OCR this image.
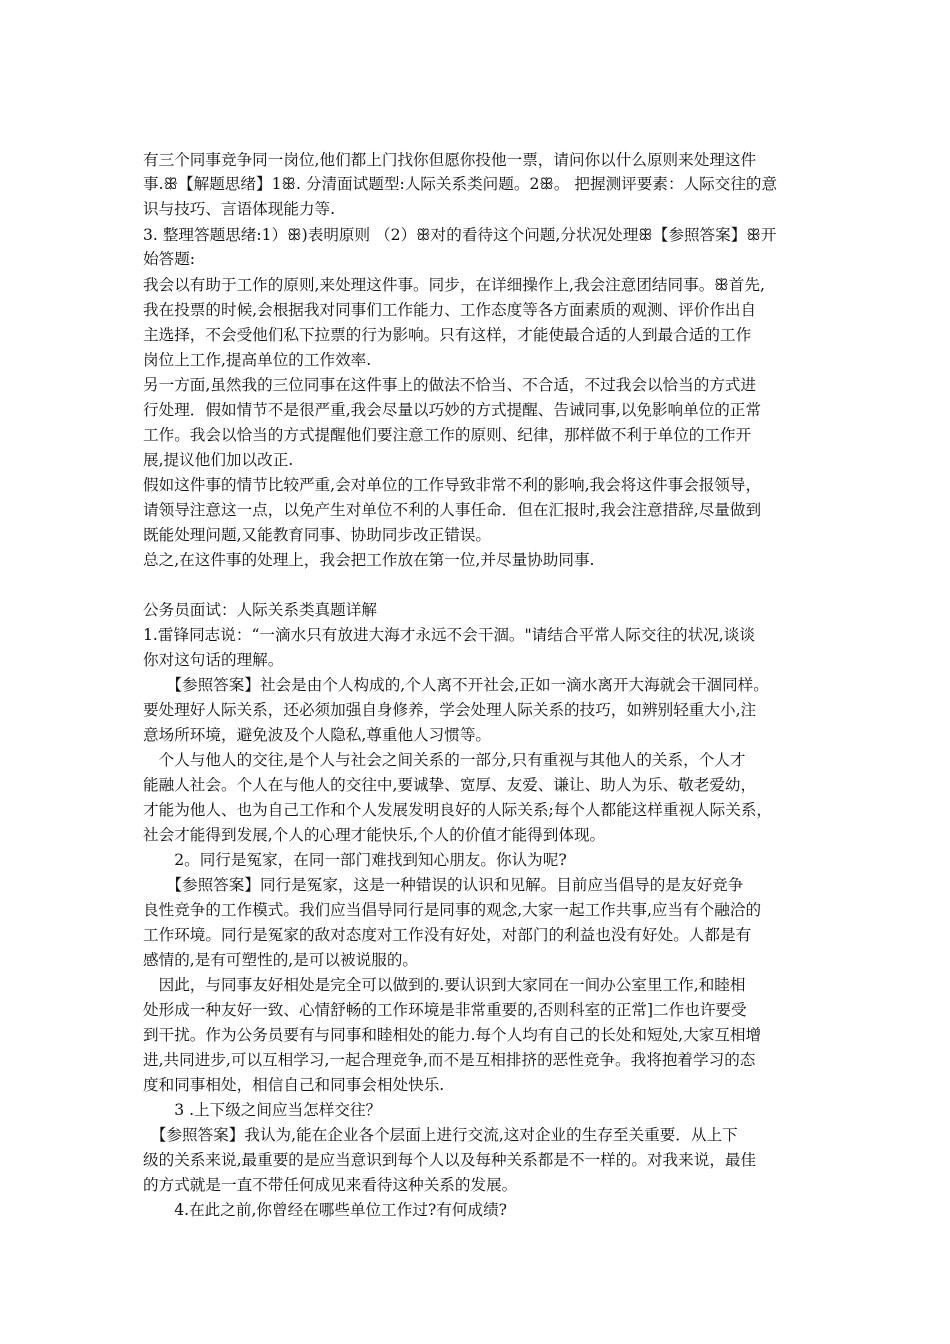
有三个同事竞争同一岗位,他们都上门找你但愿你投他一票，请问你以什么原则来处理这件
事.ꕥ【解题思绪】1ꕥ. 分清面试题型:人际关系类问题。2ꕥ。 把握测评要素：人际交往的意
识与技巧、言语体现能力等.
3. 整理答题思绪:1）ꕥ)表明原则 （2）ꕥ对的看待这个问题,分状况处理ꕥ【参照答案】ꕥ开
始答题:
我会以有助于工作的原则,来处理这件事。同步，在详细操作上,我会注意团结同事。ꕥ首先,
我在投票的时候,会根据我对同事们工作能力、工作态度等各方面素质的观测、评价作出自
主选择，不会受他们私下拉票的行为影响。只有这样，才能使最合适的人到最合适的工作
岗位上工作,提高单位的工作效率.
另一方面,虽然我的三位同事在这件事上的做法不恰当、不合适，不过我会以恰当的方式进
行处理．假如情节不是很严重,我会尽量以巧妙的方式提醒、告诫同事,以免影响单位的正常
工作。我会以恰当的方式提醒他们要注意工作的原则、纪律，那样做不利于单位的工作开
展,提议他们加以改正.
假如这件事的情节比较严重,会对单位的工作导致非常不利的影响,我会将这件事会报领导，
请领导注意这一点，以免产生对单位不利的人事任命．但在汇报时,我会注意措辞,尽量做到
既能处理问题,又能教育同事、协助同步改正错误。
总之,在这件事的处理上，我会把工作放在第一位,并尽量协助同事.
公务员面试：人际关系类真题详解
1.雷锋同志说：“一滴水只有放进大海才永远不会干涸。"请结合平常人际交往的状况,谈谈
你对这句话的理解。
　　【参照答案】社会是由个人构成的,个人离不开社会,正如一滴水离开大海就会干涸同样。
要处理好人际关系，还必须加强自身修养，学会处理人际关系的技巧，如辨别轻重大小,注
意场所环境，避免波及个人隐私,尊重他人习惯等。
　个人与他人的交往,是个人与社会之间关系的一部分,只有重视与其他人的关系，个人才
能融人社会。个人在与他人的交往中,要诚挚、宽厚、友爱、谦让、助人为乐、敬老爱幼，
才能为他人、也为自己工作和个人发展发明良好的人际关系;每个人都能这样重视人际关系，
社会才能得到发展,个人的心理才能快乐,个人的价值才能得到体现。
　　2。同行是冤家，在同一部门难找到知心朋友。你认为呢?
　　【参照答案】同行是冤家，这是一种错误的认识和见解。目前应当倡导的是友好竞争
良性竞争的工作模式。我们应当倡导同行是同事的观念,大家一起工作共事,应当有个融洽的
工作环境。同行是冤家的敌对态度对工作没有好处，对部门的利益也没有好处。人都是有
感情的,是有可塑性的,是可以被说服的。
　因此，与同事友好相处是完全可以做到的.要认识到大家同在一间办公室里工作,和睦相
处形成一种友好一致、心情舒畅的工作环境是非常重要的,否则科室的正常]二作也许要受
到干扰。作为公务员要有与同事和睦相处的能力.每个人均有自己的长处和短处,大家互相增
进,共同进步,可以互相学习,一起合理竞争,而不是互相排挤的恶性竞争。我将抱着学习的态
度和同事相处，相信自己和同事会相处快乐.
　　3 .上下级之间应当怎样交往？
　【参照答案】我认为,能在企业各个层面上进行交流,这对企业的生存至关重要．从上下
级的关系来说,最重要的是应当意识到每个人以及每种关系都是不一样的。对我来说，最佳
的方式就是一直不带任何成见来看待这种关系的发展。
　　4.在此之前,你曾经在哪些单位工作过?有何成绩?
